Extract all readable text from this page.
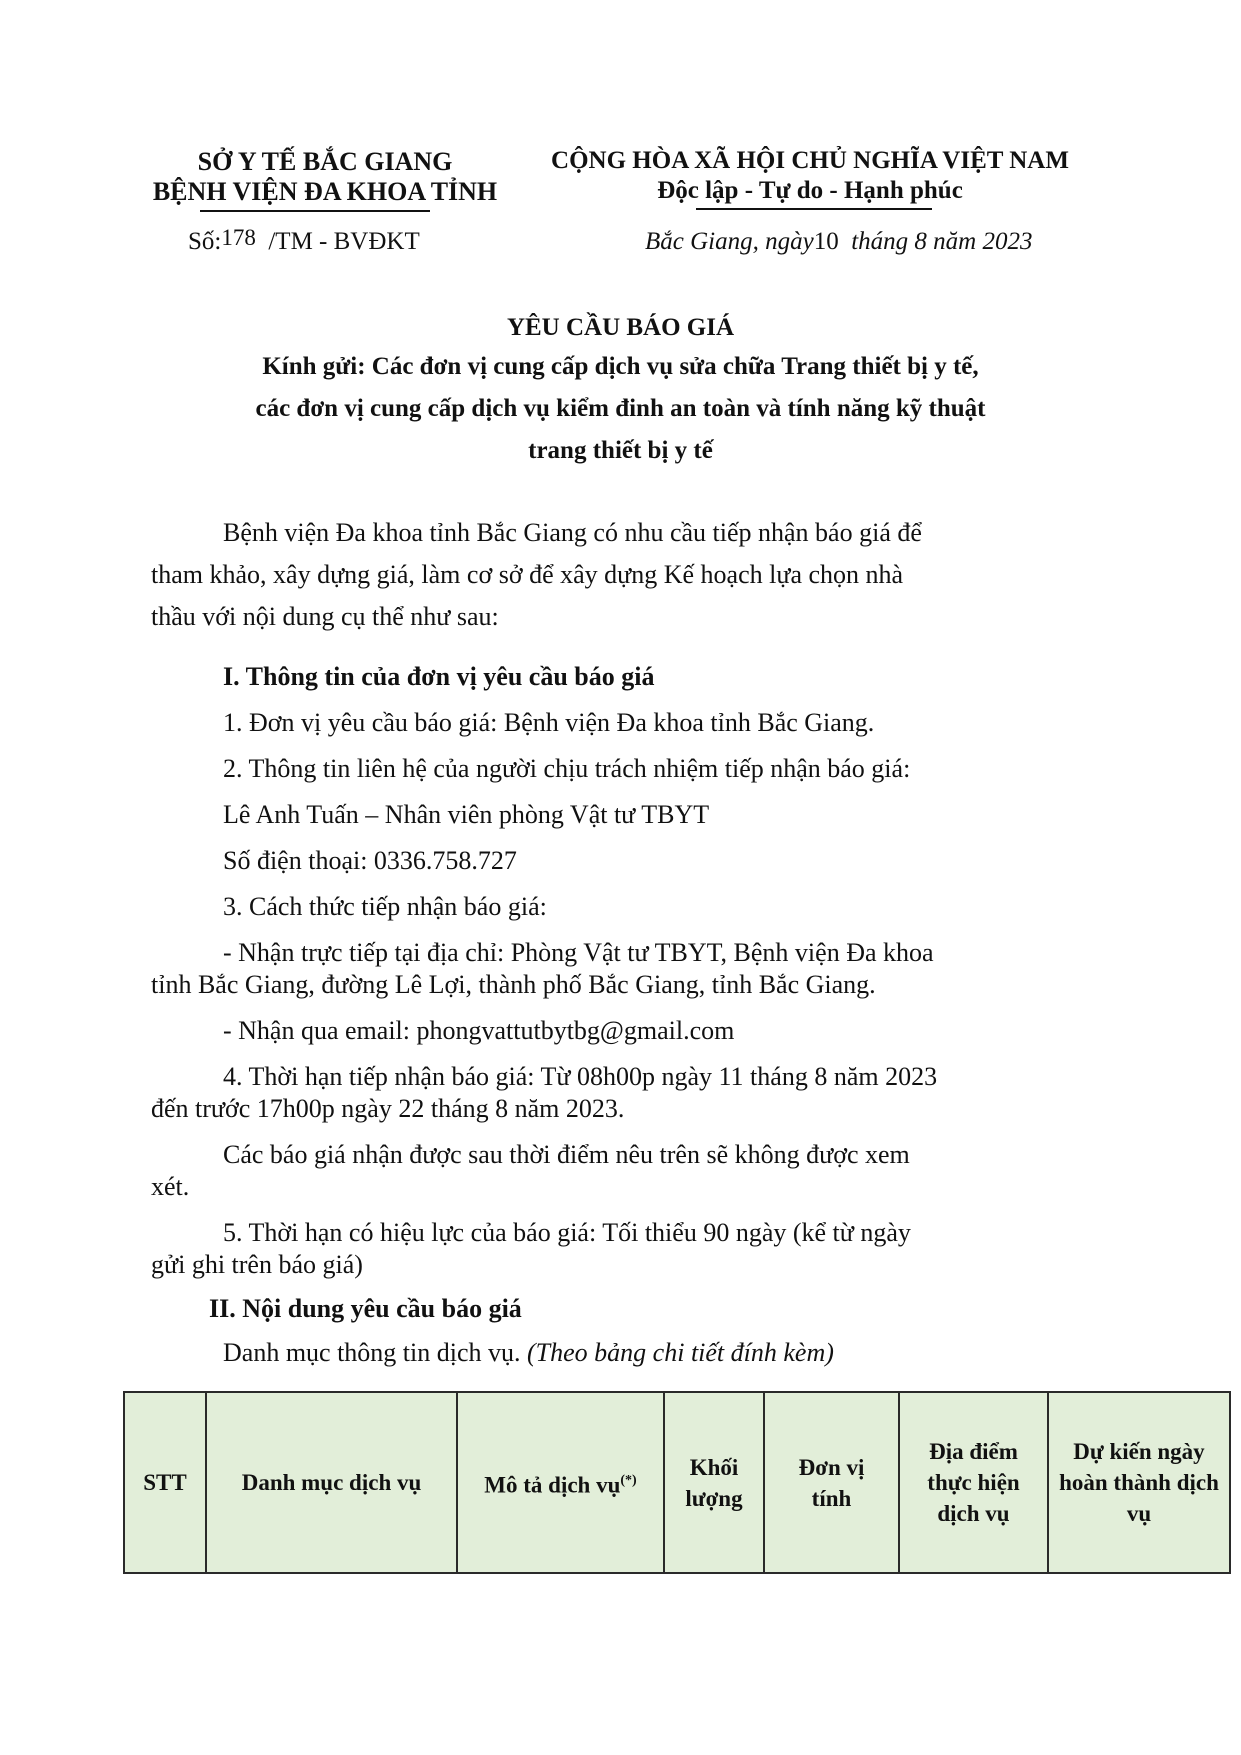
SỞ Y TẾ BẮC GIANG
BỆNH VIỆN ĐA KHOA TỈNH
Số:178 /TM - BVĐKT
CỘNG HÒA XÃ HỘI CHỦ NGHĨA VIỆT NAM
Độc lập - Tự do - Hạnh phúc
Bắc Giang, ngày10 tháng 8 năm 2023
YÊU CẦU BÁO GIÁ
Kính gửi: Các đơn vị cung cấp dịch vụ sửa chữa Trang thiết bị y tế,
các đơn vị cung cấp dịch vụ kiểm đinh an toàn và tính năng kỹ thuật
trang thiết bị y tế
Bệnh viện Đa khoa tỉnh Bắc Giang có nhu cầu tiếp nhận báo giá để
tham khảo, xây dựng giá, làm cơ sở để xây dựng Kế hoạch lựa chọn nhà
thầu với nội dung cụ thể như sau:
I. Thông tin của đơn vị yêu cầu báo giá
1. Đơn vị yêu cầu báo giá: Bệnh viện Đa khoa tỉnh Bắc Giang.
2. Thông tin liên hệ của người chịu trách nhiệm tiếp nhận báo giá:
Lê Anh Tuấn – Nhân viên phòng Vật tư TBYT
Số điện thoại: 0336.758.727
3. Cách thức tiếp nhận báo giá:
- Nhận trực tiếp tại địa chỉ: Phòng Vật tư TBYT, Bệnh viện Đa khoa
tỉnh Bắc Giang, đường Lê Lợi, thành phố Bắc Giang, tỉnh Bắc Giang.
- Nhận qua email: phongvattutbytbg@gmail.com
4. Thời hạn tiếp nhận báo giá: Từ 08h00p ngày 11 tháng 8 năm 2023
đến trước 17h00p ngày 22 tháng 8 năm 2023.
Các báo giá nhận được sau thời điểm nêu trên sẽ không được xem
xét.
5. Thời hạn có hiệu lực của báo giá: Tối thiểu 90 ngày (kể từ ngày
gửi ghi trên báo giá)
II. Nội dung yêu cầu báo giá
Danh mục thông tin dịch vụ. (Theo bảng chi tiết đính kèm)
STT	Danh mục dịch vụ	Mô tả dịch vụ(*)	Khối lượng	Đơn vị tính	Địa điểm thực hiện dịch vụ	Dự kiến ngày hoàn thành dịch vụ
